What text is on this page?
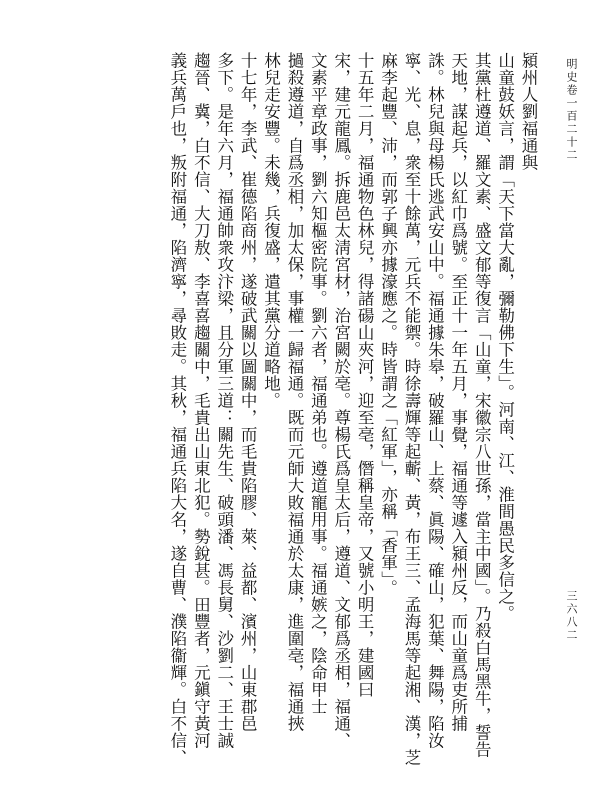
明史卷一百二十二
三六八二
潁州人劉福通與
山童鼓妖言，謂「天下當大亂，彌勒佛下生」。河南、江、淮間愚民多信之。
其黨杜遵道、羅文素、盛文郁等復言「山童，宋徽宗八世孫，當主中國」。乃殺白馬黑牛，誓告
天地，謀起兵，以紅巾爲號。至正十一年五月，事覺，福通等遽入潁州反，而山童爲吏所捕
誅。林兒與母楊氏逃武安山中。福通據朱皋，破羅山、上蔡、眞陽、確山，犯葉、舞陽，陷汝
寧、光、息，衆至十餘萬，元兵不能禦。時徐壽輝等起蘄、黃，布王三、孟海馬等起湘、漢，芝
麻李起豐、沛，而郭子興亦據濠應之。時皆謂之「紅軍」，亦稱「香軍」。
十五年二月，福通物色林兒，得諸碭山夾河，迎至亳，僭稱皇帝，又號小明王，建國曰
宋，建元龍鳳。拆鹿邑太淸宮材，治宮闕於亳。尊楊氏爲皇太后，遵道、文郁爲丞相，福通、
文素平章政事，劉六知樞密院事。劉六者，福通弟也。遵道寵用事。福通嫉之，陰命甲士
撾殺遵道，自爲丞相，加太保，事權一歸福通。既而元師大敗福通於太康，進圍亳，福通挾
林兒走安豐。未幾，兵復盛，遣其黨分道略地。
十七年，李武、崔德陷商州，遂破武關以圖關中，而毛貴陷膠、萊、益都、濱州，山東郡邑
多下。是年六月，福通帥衆攻汴梁，且分軍三道：關先生、破頭潘、馮長舅、沙劉二、王士誠
趨晉、冀，白不信、大刀敖、李喜喜趨關中，毛貴出山東北犯。勢銳甚。田豐者，元鎭守黃河
義兵萬戶也，叛附福通，陷濟寧，尋敗走。其秋，福通兵陷大名，遂自曹、濮陷衞輝。白不信、
